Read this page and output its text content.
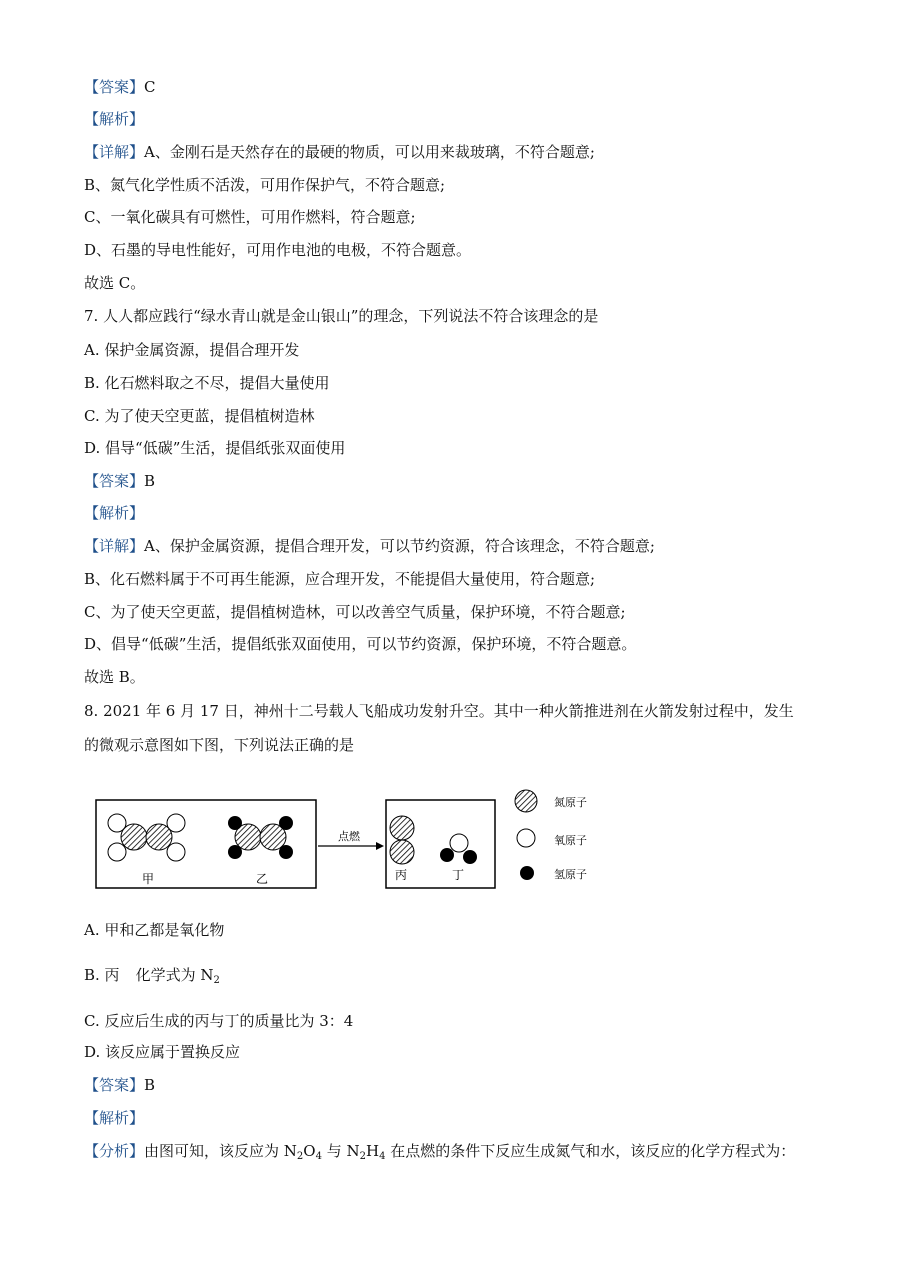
【答案】C
【解析】
【详解】A、金刚石是天然存在的最硬的物质，可以用来裁玻璃，不符合题意;
B、氮气化学性质不活泼，可用作保护气，不符合题意;
C、一氧化碳具有可燃性，可用作燃料，符合题意;
D、石墨的导电性能好，可用作电池的电极，不符合题意。
故选 C。
7. 人人都应践行“绿水青山就是金山银山”的理念，下列说法不符合该理念的是
A. 保护金属资源，提倡合理开发
B. 化石燃料取之不尽，提倡大量使用
C. 为了使天空更蓝，提倡植树造林
D. 倡导“低碳”生活，提倡纸张双面使用
【答案】B
【解析】
【详解】A、保护金属资源，提倡合理开发，可以节约资源，符合该理念，不符合题意;
B、化石燃料属于不可再生能源，应合理开发，不能提倡大量使用，符合题意;
C、为了使天空更蓝，提倡植树造林，可以改善空气质量，保护环境，不符合题意;
D、倡导“低碳”生活，提倡纸张双面使用，可以节约资源，保护环境，不符合题意。
故选 B。
8. 2021 年 6 月 17 日，神州十二号载人飞船成功发射升空。其中一种火箭推进剂在火箭发射过程中，发生
的微观示意图如下图，下列说法正确的是
甲	乙
点燃
丙	丁
氮原子
氧原子
氢原子
A. 甲和乙都是氧化物
B. 丙 化学式为 $N_2$
C. 反应后生成的丙与丁的质量比为 3：4
D. 该反应属于置换反应
【答案】B
【解析】
【分析】由图可知，该反应为 $N_2O_4$ 与 $N_2H_4$ 在点燃的条件下反应生成氮气和水，该反应的化学方程式为：
